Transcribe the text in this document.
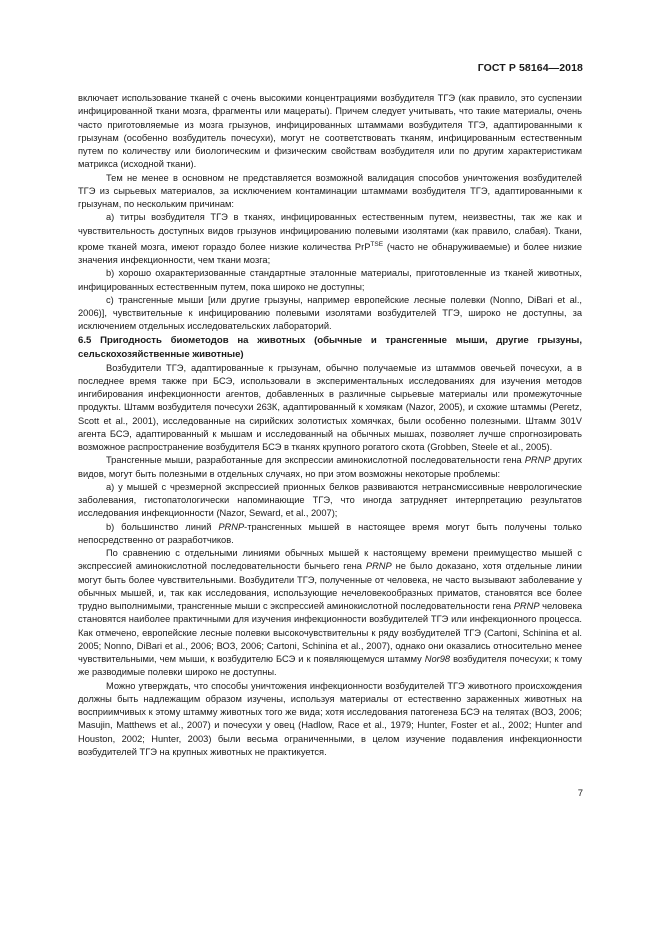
ГОСТ Р 58164—2018

включает использование тканей с очень высокими концентрациями возбудителя ТГЭ (как правило, это суспензии инфицированной ткани мозга, фрагменты или мацераты). Причем следует учитывать, что такие материалы, очень часто приготовляемые из мозга грызунов, инфицированных штаммами возбудителя ТГЭ, адаптированными к грызунам (особенно возбудитель почесухи), могут не соответствовать тканям, инфицированным естественным путем по количеству или биологическим и физическим свойствам возбудителя или по другим характеристикам матрикса (исходной ткани).

Тем не менее в основном не представляется возможной валидация способов уничтожения возбудителей ТГЭ из сырьевых материалов, за исключением контаминации штаммами возбудителя ТГЭ, адаптированными к грызунам, по нескольким причинам:

а) титры возбудителя ТГЭ в тканях, инфицированных естественным путем, неизвестны, так же как и чувствительность доступных видов грызунов инфицированию полевыми изолятами (как правило, слабая). Ткани, кроме тканей мозга, имеют гораздо более низкие количества PrP$^{TSE}$ (часто не обнаруживаемые) и более низкие значения инфекционности, чем ткани мозга;

b) хорошо охарактеризованные стандартные эталонные материалы, приготовленные из тканей животных, инфицированных естественным путем, пока широко не доступны;

с) трансгенные мыши [или другие грызуны, например европейские лесные полевки (Nonno, DiBari et al., 2006)], чувствительные к инфицированию полевыми изолятами возбудителей ТГЭ, широко не доступны, за исключением отдельных исследовательских лабораторий.

6.5 Пригодность биометодов на животных (обычные и трансгенные мыши, другие грызуны, сельскохозяйственные животные)

Возбудители ТГЭ, адаптированные к грызунам, обычно получаемые из штаммов овечьей почесухи, а в последнее время также при БСЭ, использовали в экспериментальных исследованиях для изучения методов ингибирования инфекционности агентов, добавленных в различные сырьевые материалы или промежуточные продукты. Штамм возбудителя почесухи 263К, адаптированный к хомякам (Nazor, 2005), и схожие штаммы (Peretz, Scott et al., 2001), исследованные на сирийских золотистых хомячках, были особенно полезными. Штамм 301V агента БСЭ, адаптированный к мышам и исследованный на обычных мышах, позволяет лучше спрогнозировать возможное распространение возбудителя БСЭ в тканях крупного рогатого скота (Grobben, Steele et al., 2005).

Трансгенные мыши, разработанные для экспрессии аминокислотной последовательности гена PRNP других видов, могут быть полезными в отдельных случаях, но при этом возможны некоторые проблемы:

а) у мышей с чрезмерной экспрессией прионных белков развиваются нетрансмиссивные неврологические заболевания, гистопатологически напоминающие ТГЭ, что иногда затрудняет интерпретацию результатов исследования инфекционности (Nazor, Seward, et al., 2007);

b) большинство линий PRNP-трансгенных мышей в настоящее время могут быть получены только непосредственно от разработчиков.

По сравнению с отдельными линиями обычных мышей к настоящему времени преимущество мышей с экспрессией аминокислотной последовательности бычьего гена PRNP не было доказано, хотя отдельные линии могут быть более чувствительными. Возбудители ТГЭ, полученные от человека, не часто вызывают заболевание у обычных мышей, и, так как исследования, использующие нечеловекообразных приматов, становятся все более трудно выполнимыми, трансгенные мыши с экспрессией аминокислотной последовательности гена PRNP человека становятся наиболее практичными для изучения инфекционности возбудителей ТГЭ или инфекционного процесса. Как отмечено, европейские лесные полевки высокочувствительны к ряду возбудителей ТГЭ (Cartoni, Schinina et al. 2005; Nonno, DiBari et al., 2006; ВОЗ, 2006; Cartoni, Schinina et al., 2007), однако они оказались относительно менее чувствительными, чем мыши, к возбудителю БСЭ и к появляющемуся штамму Nor98 возбудителя почесухи; к тому же разводимые полевки широко не доступны.

Можно утверждать, что способы уничтожения инфекционности возбудителей ТГЭ животного происхождения должны быть надлежащим образом изучены, используя материалы от естественно зараженных животных на восприимчивых к этому штамму животных того же вида; хотя исследования патогенеза БСЭ на телятах (ВОЗ, 2006; Masujin, Matthews et al., 2007) и почесухи у овец (Hadlow, Race et al., 1979; Hunter, Foster et al., 2002; Hunter and Houston, 2002; Hunter, 2003) были весьма ограниченными, в целом изучение подавления инфекционности возбудителей ТГЭ на крупных животных не практикуется.

7
